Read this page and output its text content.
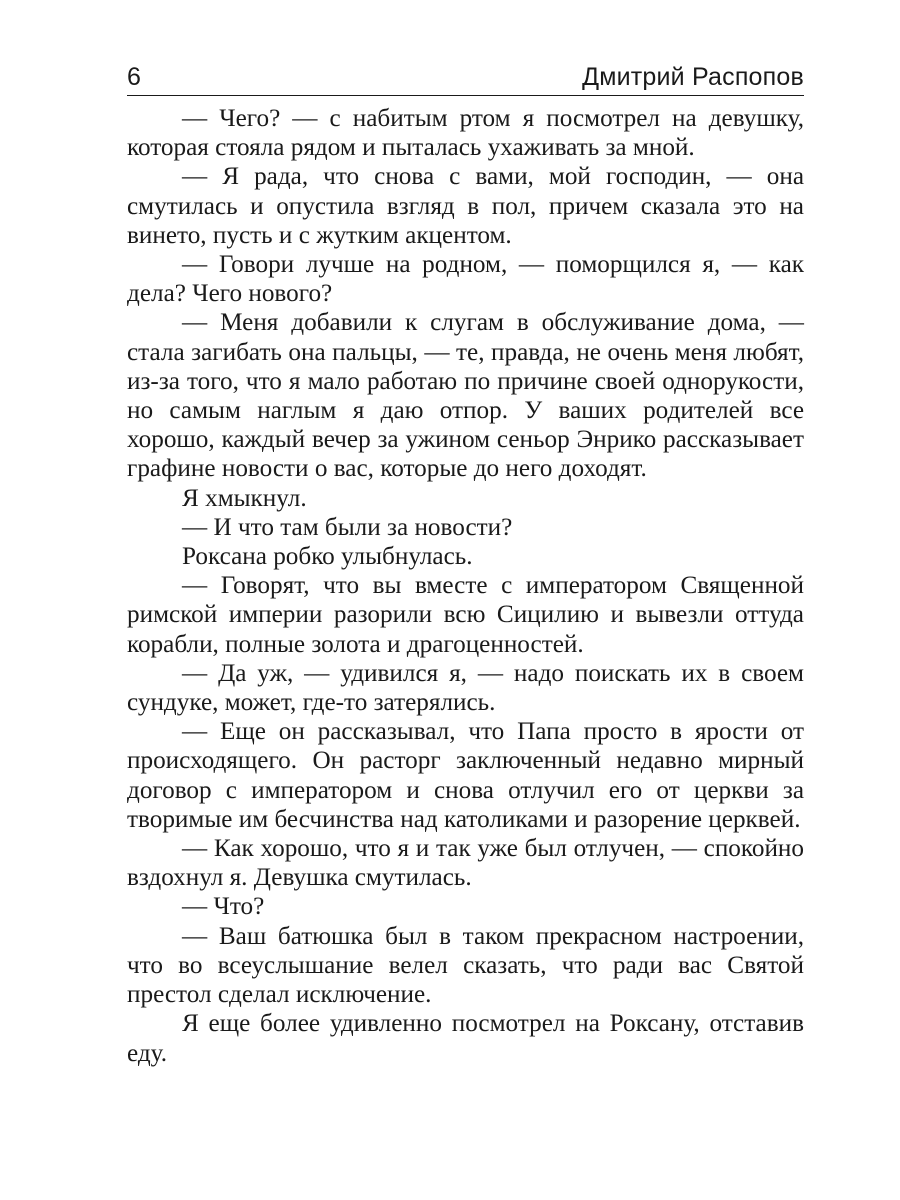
6	Дмитрий Распопов

— Чего? — с набитым ртом я посмотрел на девушку, которая стояла рядом и пыталась ухаживать за мной.

— Я рада, что снова с вами, мой господин, — она смутилась и опустила взгляд в пол, причем сказала это на винето, пусть и с жутким акцентом.

— Говори лучше на родном, — поморщился я, — как дела? Чего нового?

— Меня добавили к слугам в обслуживание дома, — стала загибать она пальцы, — те, правда, не очень меня любят, из-за того, что я мало работаю по причине своей однорукости, но самым наглым я даю отпор. У ваших родителей все хорошо, каждый вечер за ужином сеньор Энрико рассказывает графине новости о вас, которые до него доходят.

Я хмыкнул.

— И что там были за новости?

Роксана робко улыбнулась.

— Говорят, что вы вместе с императором Священной римской империи разорили всю Сицилию и вывезли оттуда корабли, полные золота и драгоценностей.

— Да уж, — удивился я, — надо поискать их в своем сундуке, может, где-то затерялись.

— Еще он рассказывал, что Папа просто в ярости от происходящего. Он расторг заключенный недавно мирный договор с императором и снова отлучил его от церкви за творимые им бесчинства над католиками и разорение церквей.

— Как хорошо, что я и так уже был отлучен, — спокойно вздохнул я. Девушка смутилась.

— Что?

— Ваш батюшка был в таком прекрасном настроении, что во всеуслышание велел сказать, что ради вас Святой престол сделал исключение.

Я еще более удивленно посмотрел на Роксану, отставив еду.
